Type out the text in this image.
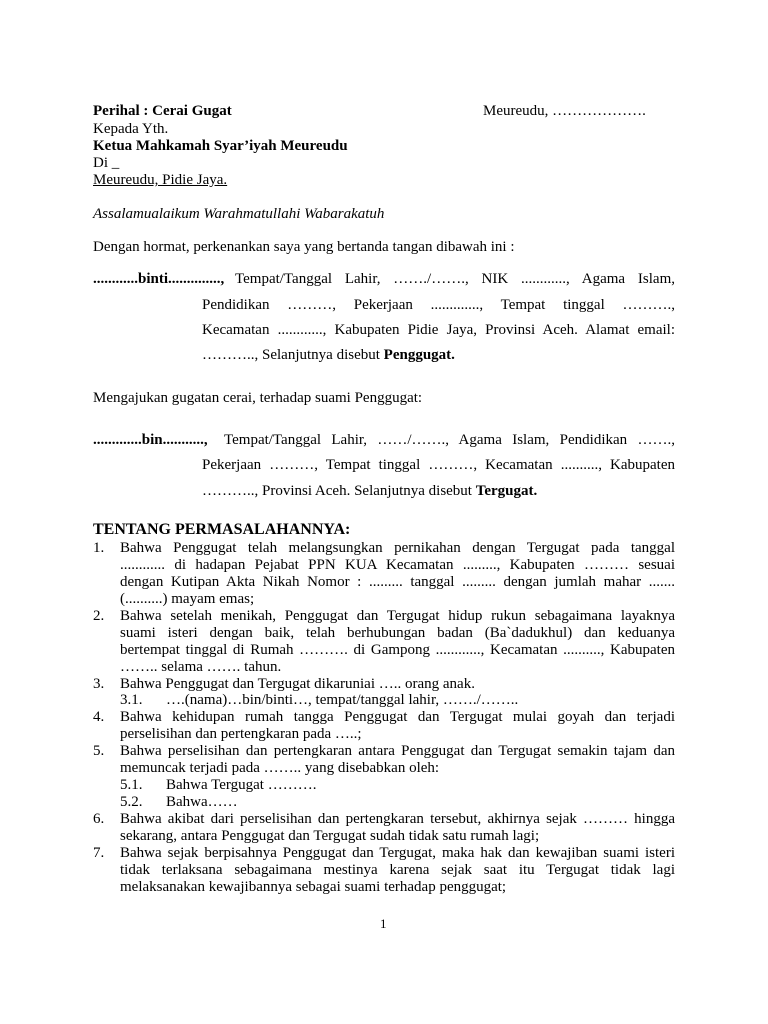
Perihal : Cerai Gugat	Meureudu, ……………….
Kepada Yth.
Ketua Mahkamah Syar’iyah Meureudu
Di _
Meureudu, Pidie Jaya.
Assalamualaikum Warahmatullahi Wabarakatuh
Dengan hormat, perkenankan saya yang bertanda tangan dibawah ini :
............binti.............., Tempat/Tanggal Lahir, ……./……., NIK ............, Agama Islam,
Pendidikan ………, Pekerjaan ............., Tempat tinggal ……….,
Kecamatan ............, Kabupaten Pidie Jaya, Provinsi Aceh. Alamat email:
……….., Selanjutnya disebut Penggugat.
Mengajukan gugatan cerai, terhadap suami Penggugat:
.............bin..........., Tempat/Tanggal Lahir, ……/……., Agama Islam, Pendidikan …….,
Pekerjaan ………, Tempat tinggal ………, Kecamatan .........., Kabupaten
……….., Provinsi Aceh. Selanjutnya disebut Tergugat.
TENTANG PERMASALAHANNYA:
1. Bahwa Penggugat telah melangsungkan pernikahan dengan Tergugat pada tanggal
............ di hadapan Pejabat PPN KUA Kecamatan ........., Kabupaten ……… sesuai
dengan Kutipan Akta Nikah Nomor : ......... tanggal ......... dengan jumlah mahar .......
(..........) mayam emas;
2. Bahwa setelah menikah, Penggugat dan Tergugat hidup rukun sebagaimana layaknya
suami isteri dengan baik, telah berhubungan badan (Ba`dadukhul) dan keduanya
bertempat tinggal di Rumah ………. di Gampong ............, Kecamatan .........., Kabupaten
…….. selama ……. tahun.
3. Bahwa Penggugat dan Tergugat dikaruniai ….. orang anak.
3.1. ….(nama)…bin/binti…, tempat/tanggal lahir, ……./……..
4. Bahwa kehidupan rumah tangga Penggugat dan Tergugat mulai goyah dan terjadi
perselisihan dan pertengkaran pada …..;
5. Bahwa perselisihan dan pertengkaran antara Penggugat dan Tergugat semakin tajam dan
memuncak terjadi pada …….. yang disebabkan oleh:
5.1. Bahwa Tergugat ……….
5.2. Bahwa……
6. Bahwa akibat dari perselisihan dan pertengkaran tersebut, akhirnya sejak ……… hingga
sekarang, antara Penggugat dan Tergugat sudah tidak satu rumah lagi;
7. Bahwa sejak berpisahnya Penggugat dan Tergugat, maka hak dan kewajiban suami isteri
tidak terlaksana sebagaimana mestinya karena sejak saat itu Tergugat tidak lagi
melaksanakan kewajibannya sebagai suami terhadap penggugat;
1
